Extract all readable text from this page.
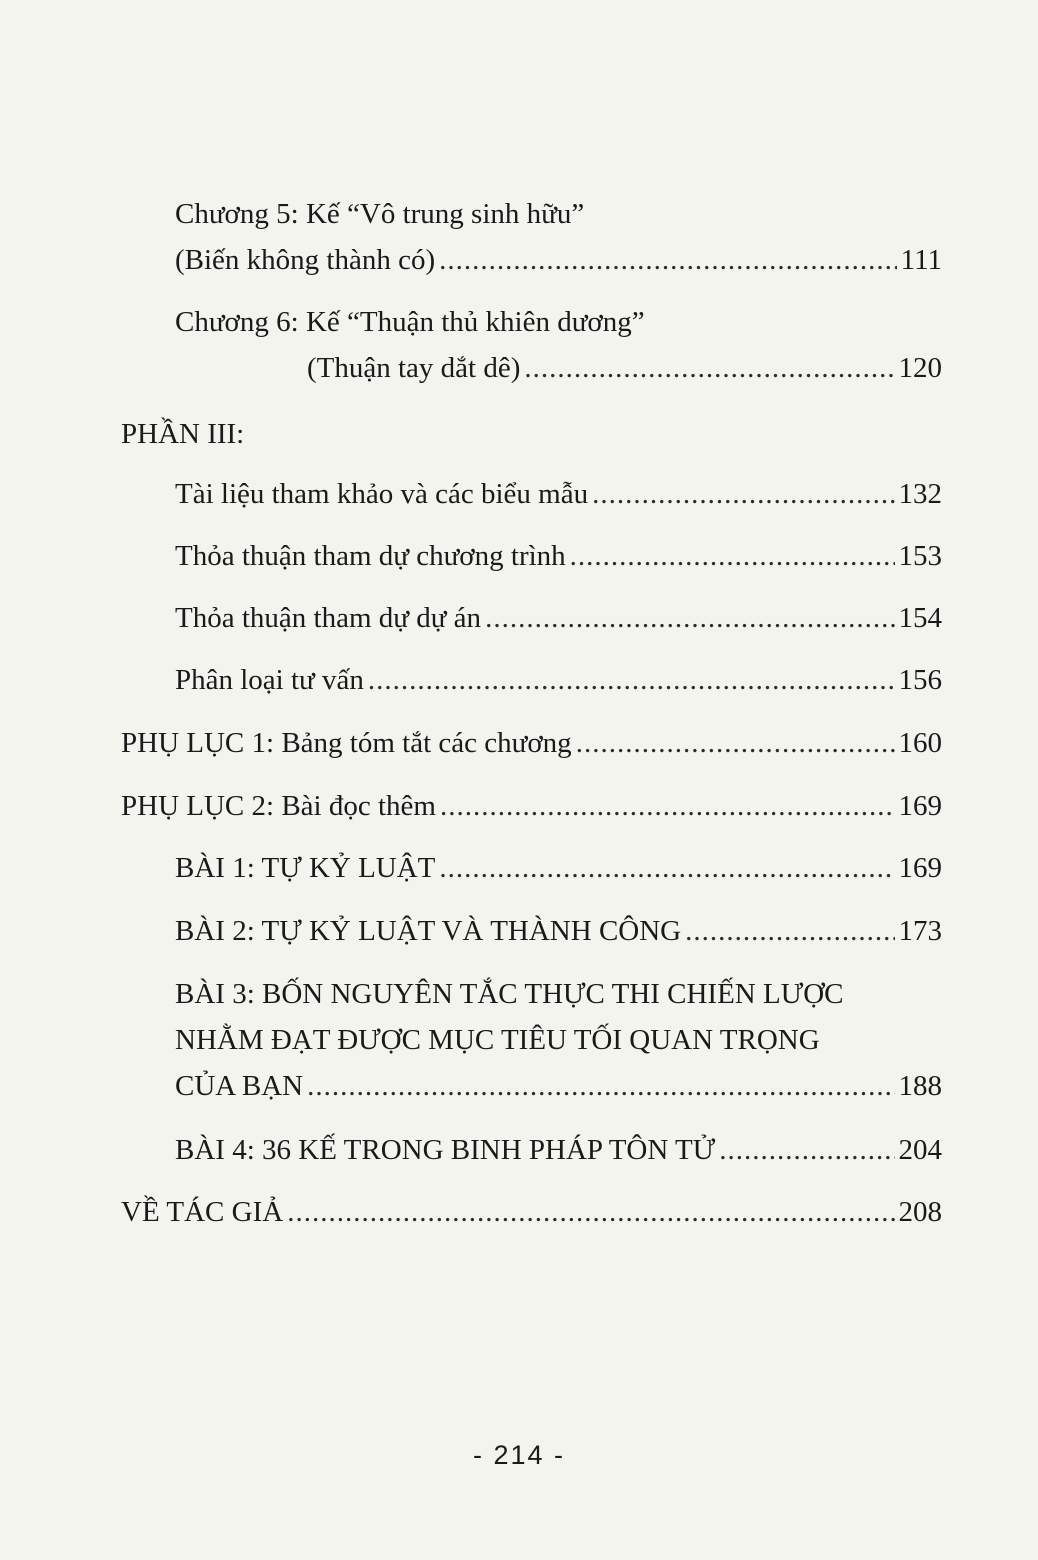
Chương 5: Kế “Vô trung sinh hữu”
(Biến không thành có) .....	111
Chương 6: Kế “Thuận thủ khiên dương”
(Thuận tay dắt dê) .....	120
PHẦN III:
Tài liệu tham khảo và các biểu mẫu .....	132
Thỏa thuận tham dự chương trình .....	153
Thỏa thuận tham dự dự án .....	154
Phân loại tư vấn .....	156
PHỤ LỤC 1: Bảng tóm tắt các chương .....	160
PHỤ LỤC 2: Bài đọc thêm .....	169
BÀI 1: TỰ KỶ LUẬT .....	169
BÀI 2: TỰ KỶ LUẬT VÀ THÀNH CÔNG .....	173
BÀI 3: BỐN NGUYÊN TẮC THỰC THI CHIẾN LƯỢC
NHẰM ĐẠT ĐƯỢC MỤC TIÊU TỐI QUAN TRỌNG
CỦA BẠN .....	188
BÀI 4: 36 KẾ TRONG BINH PHÁP TÔN TỬ .....	204
VỀ TÁC GIẢ .....	208
- 214 -
